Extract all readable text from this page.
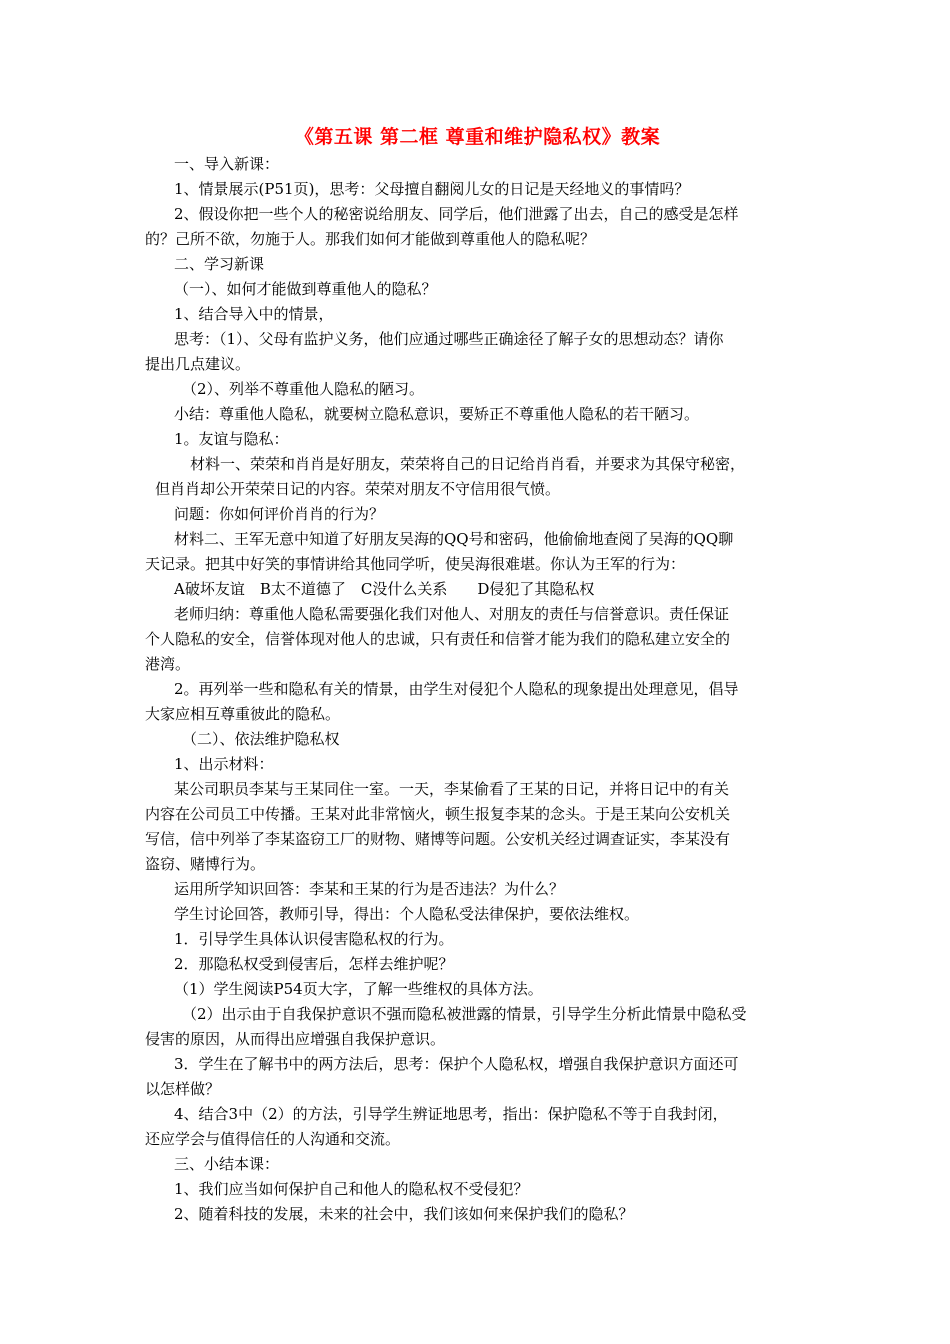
《第五课 第二框 尊重和维护隐私权》教案

一、导入新课：

1、情景展示(P51页)，思考：父母擅自翻阅儿女的日记是天经地义的事情吗？

2、假设你把一些个人的秘密说给朋友、同学后，他们泄露了出去，自己的感受是怎样

的？己所不欲，勿施于人。那我们如何才能做到尊重他人的隐私呢？

二、学习新课

（一）、如何才能做到尊重他人的隐私？

1、结合导入中的情景，

思考：（1）、父母有监护义务，他们应通过哪些正确途径了解子女的思想动态？请你

提出几点建议。

（2）、列举不尊重他人隐私的陋习。

小结：尊重他人隐私，就要树立隐私意识，要矫正不尊重他人隐私的若干陋习。

1。友谊与隐私：

材料一、荣荣和肖肖是好朋友，荣荣将自己的日记给肖肖看，并要求为其保守秘密，

但肖肖却公开荣荣日记的内容。荣荣对朋友不守信用很气愤。

问题：你如何评价肖肖的行为？

材料二、王军无意中知道了好朋友吴海的QQ号和密码，他偷偷地查阅了吴海的QQ聊

天记录。把其中好笑的事情讲给其他同学听，使吴海很难堪。你认为王军的行为：

A破坏友谊　B太不道德了　C没什么关系　　D侵犯了其隐私权

老师归纳：尊重他人隐私需要强化我们对他人、对朋友的责任与信誉意识。责任保证

个人隐私的安全，信誉体现对他人的忠诚，只有责任和信誉才能为我们的隐私建立安全的

港湾。

2。再列举一些和隐私有关的情景，由学生对侵犯个人隐私的现象提出处理意见，倡导

大家应相互尊重彼此的隐私。

（二）、依法维护隐私权

1、出示材料：

某公司职员李某与王某同住一室。一天，李某偷看了王某的日记，并将日记中的有关

内容在公司员工中传播。王某对此非常恼火，顿生报复李某的念头。于是王某向公安机关

写信，信中列举了李某盗窃工厂的财物、赌博等问题。公安机关经过调查证实，李某没有

盗窃、赌博行为。

运用所学知识回答：李某和王某的行为是否违法？为什么？

学生讨论回答，教师引导，得出：个人隐私受法律保护，要依法维权。

1．引导学生具体认识侵害隐私权的行为。

2．那隐私权受到侵害后，怎样去维护呢？

（1）学生阅读P54页大字，了解一些维权的具体方法。

（2）出示由于自我保护意识不强而隐私被泄露的情景，引导学生分析此情景中隐私受

侵害的原因，从而得出应增强自我保护意识。

3．学生在了解书中的两方法后，思考：保护个人隐私权，增强自我保护意识方面还可

以怎样做？

4、结合3中（2）的方法，引导学生辨证地思考，指出：保护隐私不等于自我封闭，

还应学会与值得信任的人沟通和交流。

三、小结本课：

1、我们应当如何保护自己和他人的隐私权不受侵犯？

2、随着科技的发展，未来的社会中，我们该如何来保护我们的隐私？
